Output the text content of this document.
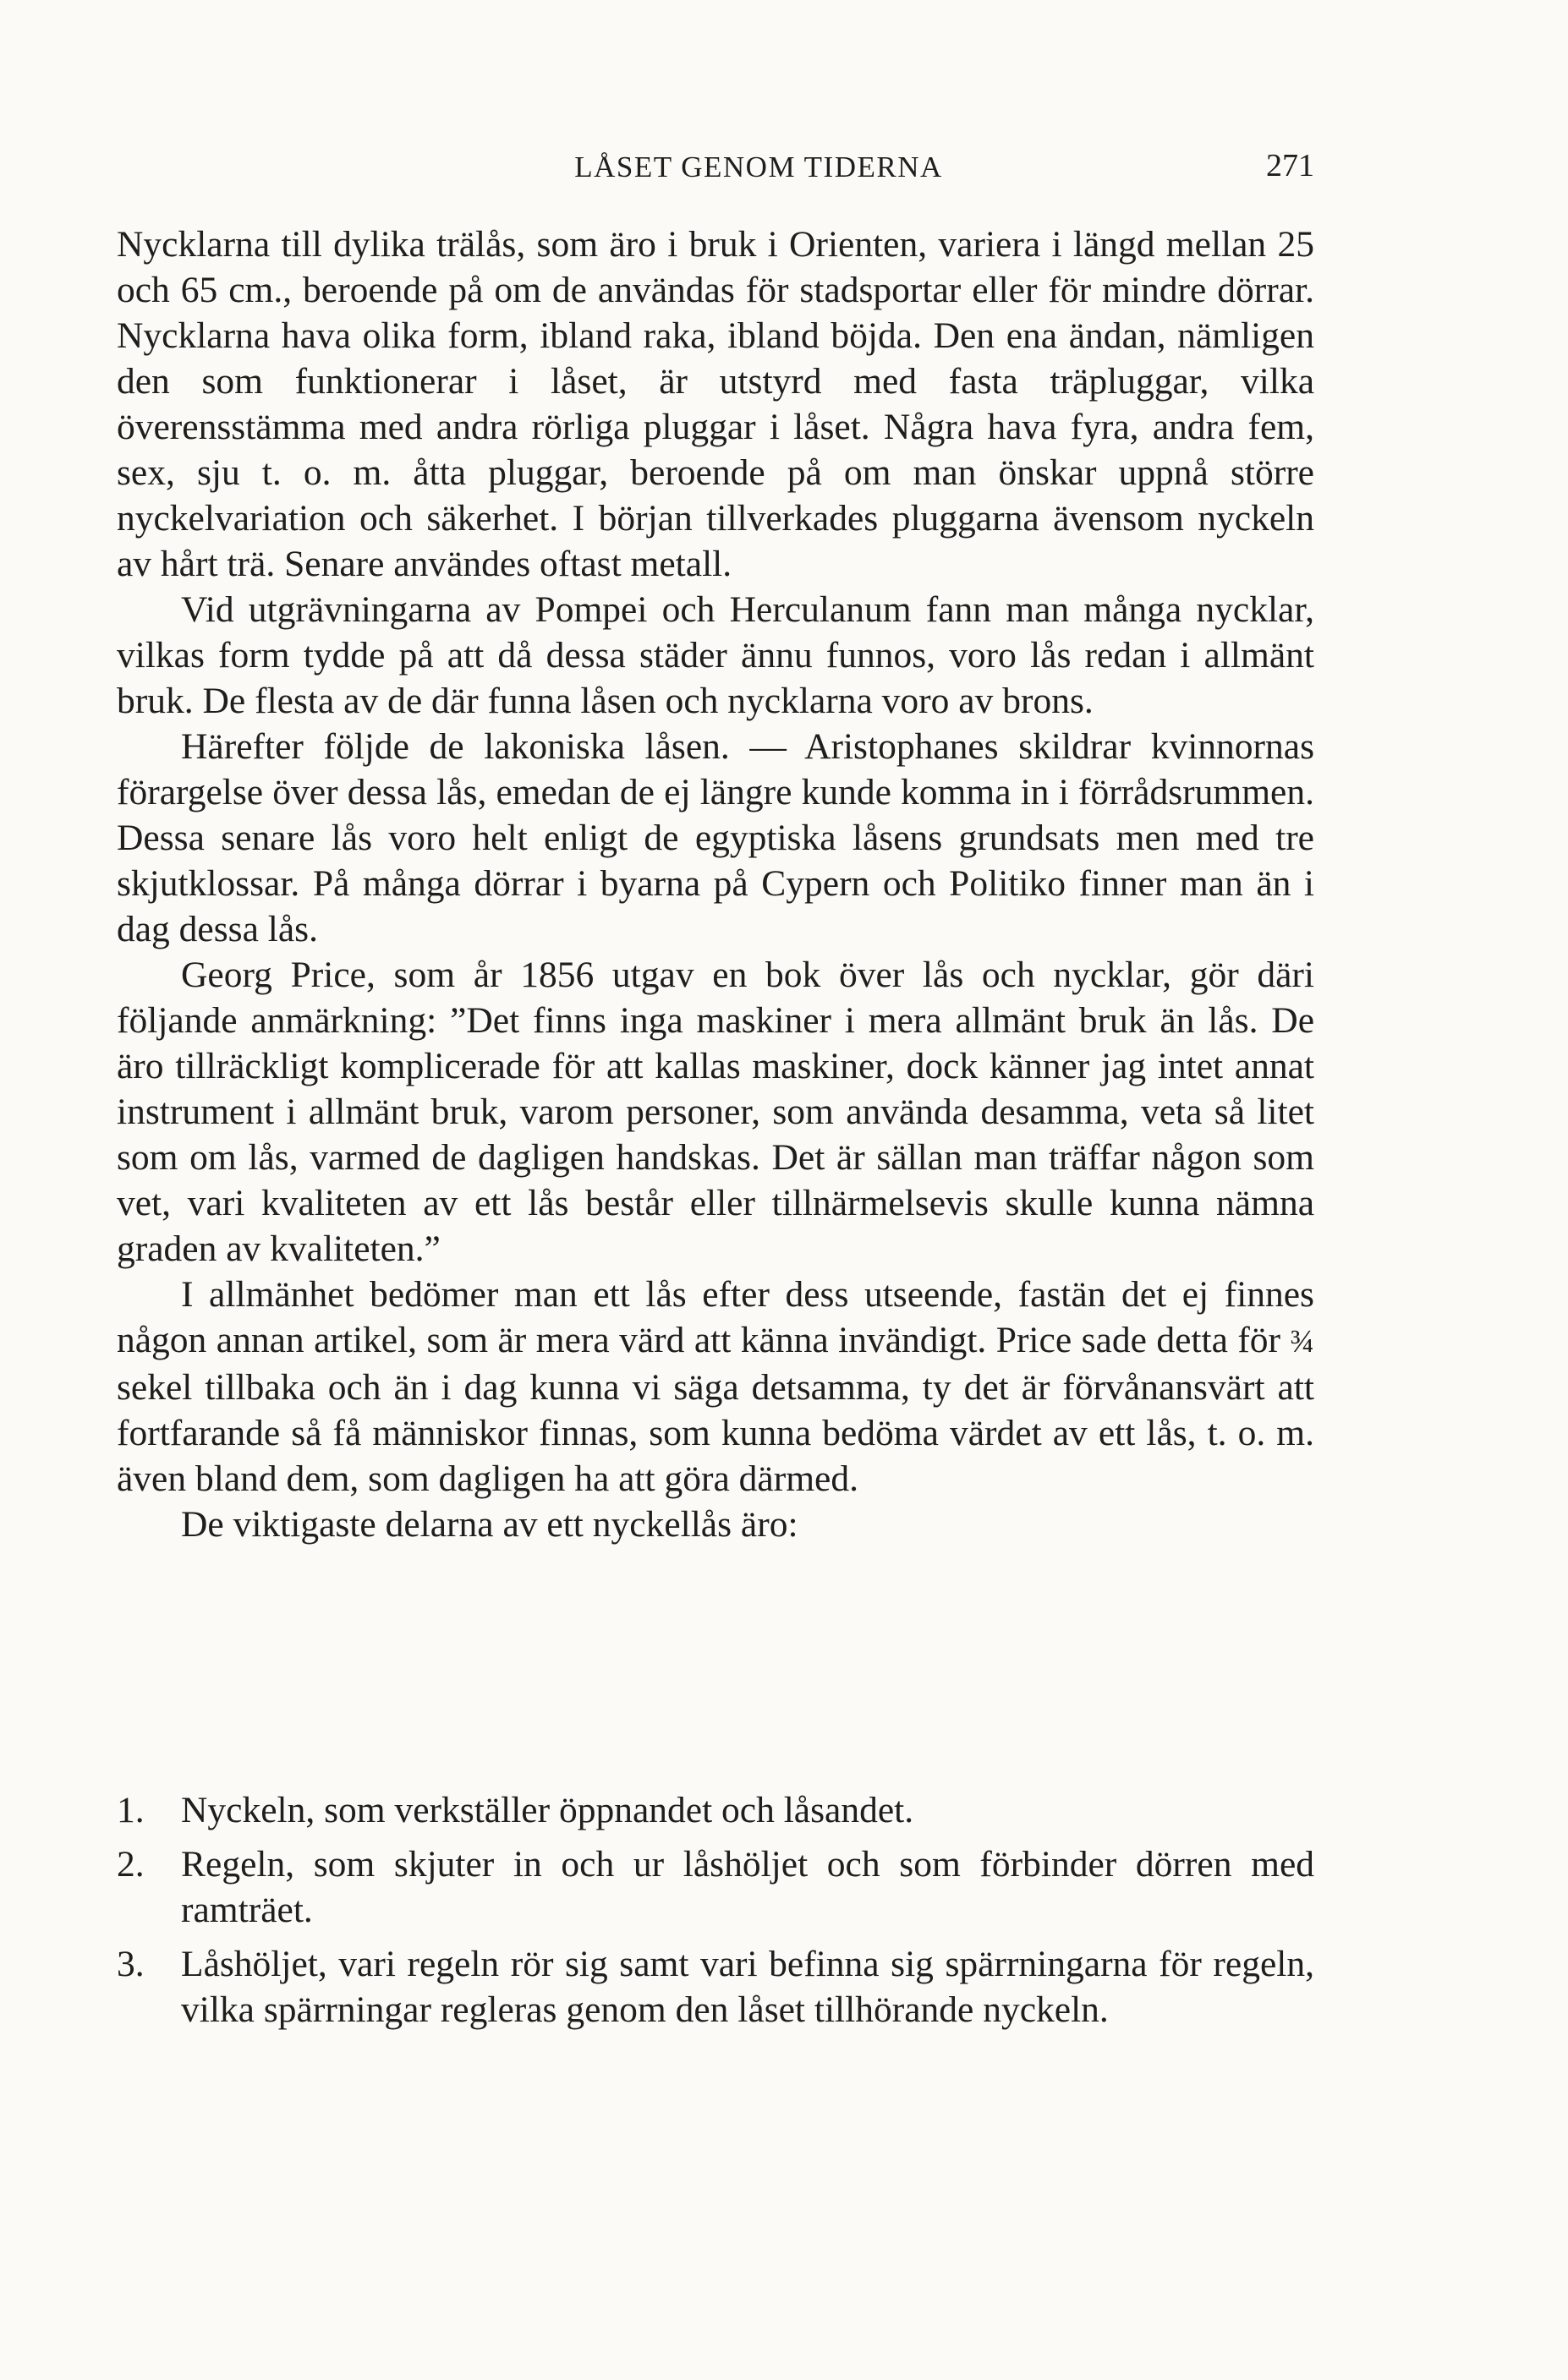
LÅSET GENOM TIDERNA	271

Nycklarna till dylika trälås, som äro i bruk i Orienten, variera i längd mellan 25 och 65 cm., beroende på om de användas för stadsportar eller för mindre dörrar. Nycklarna hava olika form, ibland raka, ibland böjda. Den ena ändan, nämligen den som funktionerar i låset, är utstyrd med fasta träpluggar, vilka överensstämma med andra rörliga pluggar i låset. Några hava fyra, andra fem, sex, sju t. o. m. åtta pluggar, beroende på om man önskar uppnå större nyckelvariation och säkerhet. I början tillverkades pluggarna ävensom nyckeln av hårt trä. Senare användes oftast metall.

Vid utgrävningarna av Pompei och Herculanum fann man många nycklar, vilkas form tydde på att då dessa städer ännu funnos, voro lås redan i allmänt bruk. De flesta av de där funna låsen och nycklarna voro av brons.

Härefter följde de lakoniska låsen. — Aristophanes skildrar kvinnornas förargelse över dessa lås, emedan de ej längre kunde komma in i förrådsrummen. Dessa senare lås voro helt enligt de egyptiska låsens grundsats men med tre skjutklossar. På många dörrar i byarna på Cypern och Politiko finner man än i dag dessa lås.

Georg Price, som år 1856 utgav en bok över lås och nycklar, gör däri följande anmärkning: ”Det finns inga maskiner i mera allmänt bruk än lås. De äro tillräckligt komplicerade för att kallas maskiner, dock känner jag intet annat instrument i allmänt bruk, varom personer, som använda desamma, veta så litet som om lås, varmed de dagligen handskas. Det är sällan man träffar någon som vet, vari kvaliteten av ett lås består eller tillnärmelsevis skulle kunna nämna graden av kvaliteten.”

I allmänhet bedömer man ett lås efter dess utseende, fastän det ej finnes någon annan artikel, som är mera värd att känna invändigt. Price sade detta för ¾ sekel tillbaka och än i dag kunna vi säga detsamma, ty det är förvånansvärt att fortfarande så få människor finnas, som kunna bedöma värdet av ett lås, t. o. m. även bland dem, som dagligen ha att göra därmed.

De viktigaste delarna av ett nyckellås äro:

1. Nyckeln, som verkställer öppnandet och låsandet.
2. Regeln, som skjuter in och ur låshöljet och som förbinder dörren med ramträet.
3. Låshöljet, vari regeln rör sig samt vari befinna sig spärrningarna för regeln, vilka spärrningar regleras genom den låset tillhörande nyckeln.
